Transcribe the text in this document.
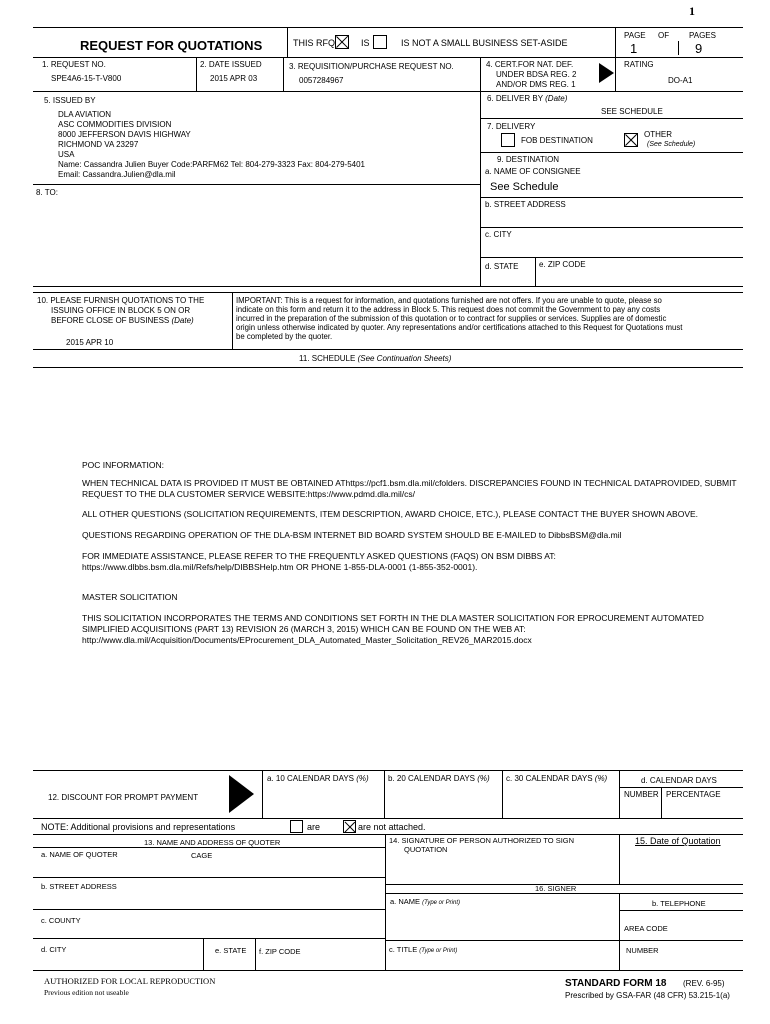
1
REQUEST FOR QUOTATIONS	THIS RFQ	IS	IS NOT A SMALL BUSINESS SET-ASIDE
PAGE OF PAGES
1	9
1. REQUEST NO.
SPE4A6-15-T-V800
2. DATE ISSUED
2015 APR 03
3. REQUISITION/PURCHASE REQUEST NO.
0057284967
4. CERT.FOR NAT. DEF.
UNDER BDSA REG. 2
AND/OR DMS REG. 1
RATING
DO-A1
5. ISSUED BY
DLA AVIATION
ASC COMMODITIES DIVISION
8000 JEFFERSON DAVIS HIGHWAY
RICHMOND VA 23297
USA
Name: Cassandra Julien Buyer Code:PARFM62 Tel: 804-279-3323 Fax: 804-279-5401
Email: Cassandra.Julien@dla.mil
6. DELIVER BY (Date)
SEE SCHEDULE
7. DELIVERY
FOB DESTINATION
OTHER
(See Schedule)
9. DESTINATION
a. NAME OF CONSIGNEE
See Schedule
b. STREET ADDRESS
c. CITY
d. STATE	e. ZIP CODE
8. TO:
10. PLEASE FURNISH QUOTATIONS TO THE
ISSUING OFFICE IN BLOCK 5 ON OR
BEFORE CLOSE OF BUSINESS (Date)
2015 APR 10
IMPORTANT: This is a request for information, and quotations furnished are not offers. If you are unable to quote, please so
indicate on this form and return it to the address in Block 5. This request does not commit the Government to pay any costs
incurred in the preparation of the submission of this quotation or to contract for supplies or services. Supplies are of domestic
origin unless otherwise indicated by quoter. Any representations and/or certifications attached to this Request for Quotations must
be completed by the quoter.
11. SCHEDULE (See Continuation Sheets)
POC INFORMATION:
WHEN TECHNICAL DATA IS PROVIDED IT MUST BE OBTAINED AThttps://pcf1.bsm.dla.mil/cfolders. DISCREPANCIES FOUND IN TECHNICAL DATAPROVIDED, SUBMIT REQUEST TO THE DLA CUSTOMER SERVICE WEBSITE:https://www.pdmd.dla.mil/cs/
ALL OTHER QUESTIONS (SOLICITATION REQUIREMENTS, ITEM DESCRIPTION, AWARD CHOICE, ETC.), PLEASE CONTACT THE BUYER SHOWN ABOVE.
QUESTIONS REGARDING OPERATION OF THE DLA-BSM INTERNET BID BOARD SYSTEM SHOULD BE E-MAILED to DibbsBSM@dla.mil
FOR IMMEDIATE ASSISTANCE, PLEASE REFER TO THE FREQUENTLY ASKED QUESTIONS (FAQS) ON BSM DIBBS AT: https://www.dlbbs.bsm.dla.mil/Refs/help/DIBBSHelp.htm OR PHONE 1-855-DLA-0001 (1-855-352-0001).
MASTER SOLICITATION
THIS SOLICITATION INCORPORATES THE TERMS AND CONDITIONS SET FORTH IN THE DLA MASTER SOLICITATION FOR EPROCUREMENT AUTOMATED SIMPLIFIED ACQUISITIONS (PART 13) REVISION 26 (MARCH 3, 2015) WHICH CAN BE FOUND ON THE WEB AT: http://www.dla.mil/Acquisition/Documents/EProcurement_DLA_Automated_Master_Solicitation_REV26_MAR2015.docx
12. DISCOUNT FOR PROMPT PAYMENT
a. 10 CALENDAR DAYS (%) b. 20 CALENDAR DAYS (%) c. 30 CALENDAR DAYS (%)	d. CALENDAR DAYS
NUMBER PERCENTAGE
NOTE: Additional provisions and representations	are	are not attached.
13. NAME AND ADDRESS OF QUOTER
a. NAME OF QUOTER	CAGE
b. STREET ADDRESS
c. COUNTY
d. CITY	e. STATE f. ZIP CODE
14. SIGNATURE OF PERSON AUTHORIZED TO SIGN
QUOTATION
15. Date of Quotation
16. SIGNER
a. NAME (Type or Print)	b. TELEPHONE
AREA CODE
c. TITLE (Type or Print)	NUMBER
AUTHORIZED FOR LOCAL REPRODUCTION
Previous edition not useable
STANDARD FORM 18 (REV. 6-95)
Prescribed by GSA-FAR (48 CFR) 53.215-1(a)
